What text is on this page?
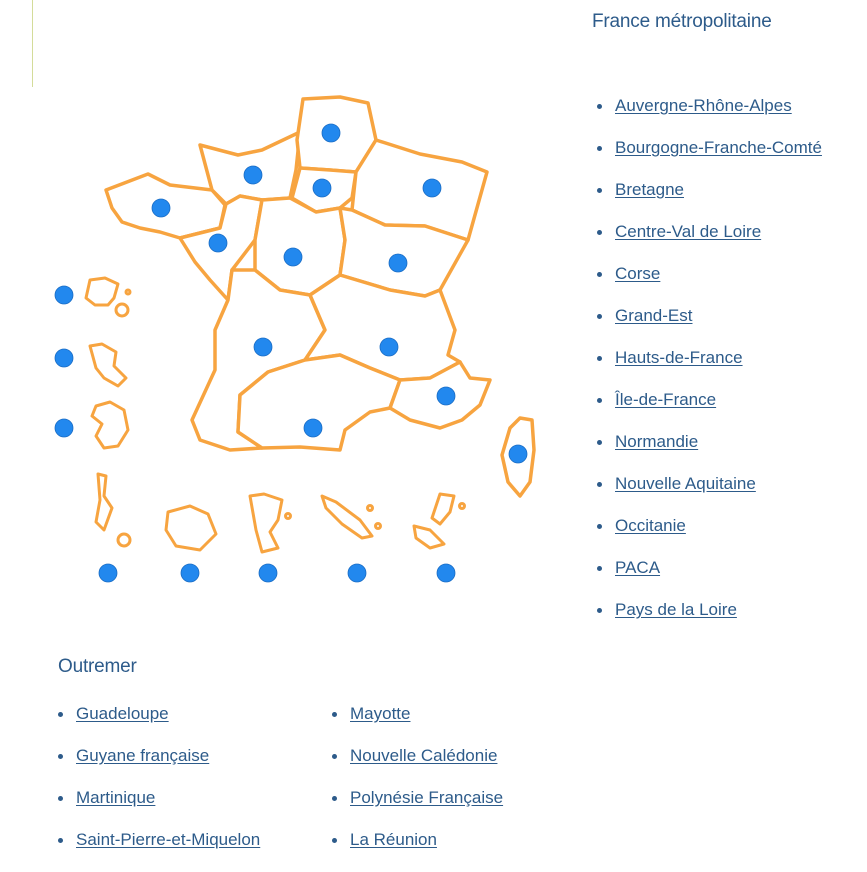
France métropolitaine
Auvergne-Rhône-Alpes
Bourgogne-Franche-Comté
Bretagne
Centre-Val de Loire
Corse
Grand-Est
Hauts-de-France
Île-de-France
Normandie
Nouvelle Aquitaine
Occitanie
PACA
Pays de la Loire
Outremer
Guadeloupe
Guyane française
Martinique
Saint-Pierre-et-Miquelon
Mayotte
Nouvelle Calédonie
Polynésie Française
La Réunion
